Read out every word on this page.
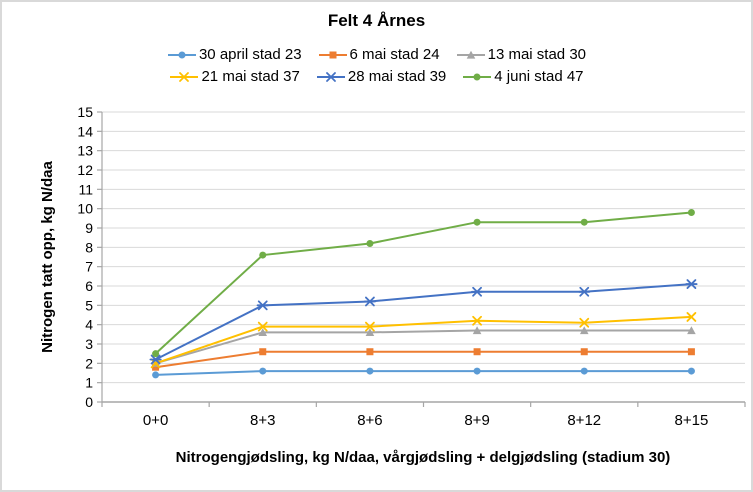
Felt 4 Årnes
30 april stad 23	6 mai stad 24	13 mai stad 30
21 mai stad 37	28 mai stad 39	4 juni stad 47
Nitrogen tatt opp, kg N/daa
Nitrogengjødsling, kg N/daa, vårgjødsling + delgjødsling (stadium 30)
0
1
2
3
4
5
6
7
8
9
10
11
12
13
14
15
0+0	8+3	8+6	8+9	8+12	8+15
